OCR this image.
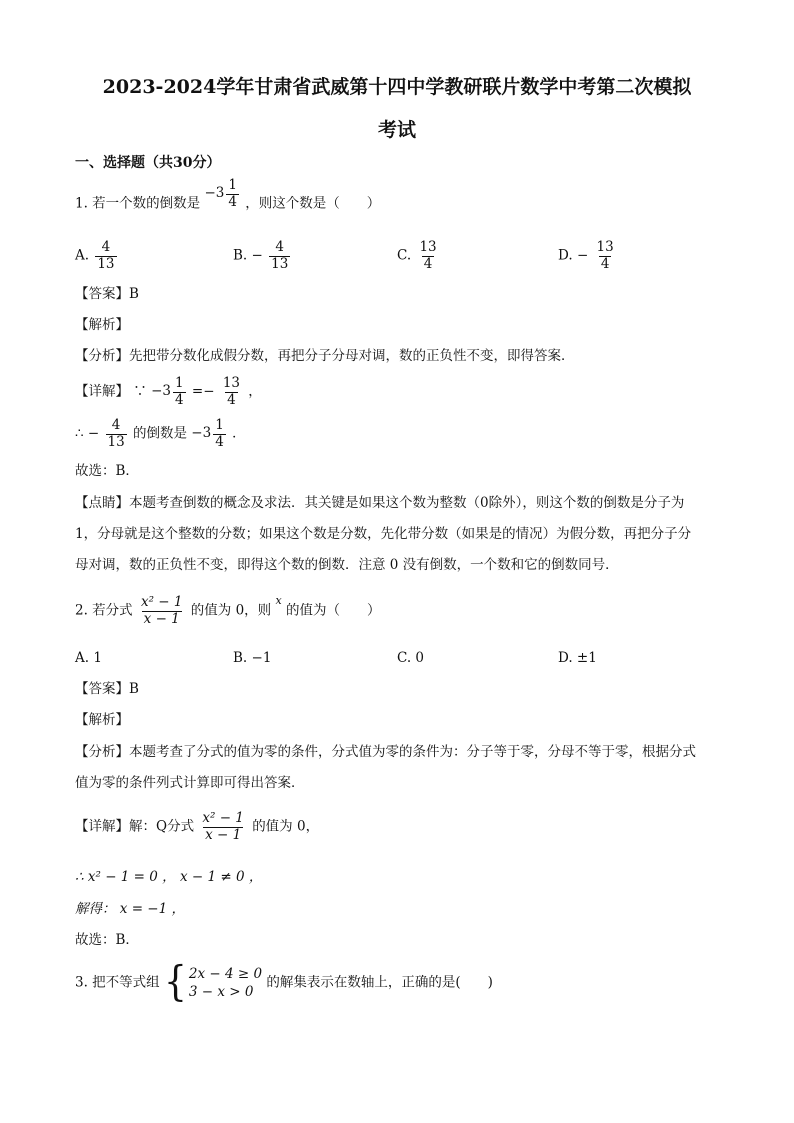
2023-2024学年甘肃省武威第十四中学教研联片数学中考第二次模拟
考试
一、选择题（共30分）
1. 若一个数的倒数是
$-3 \frac{1}{4}$ ，则这个数是（　　）
A. $\frac{4}{13}$	B. − $\frac{4}{13}$	C. $\frac{13}{4}$	D. − $\frac{13}{4}$
【答案】B
【解析】
【分析】先把带分数化成假分数，再把分子分母对调，数的正负性不变，即得答案．
【详解】 ∵ $-3 \frac{1}{4} =- \frac{13}{4}$ ，
∴ − $\frac{4}{13}$ 的倒数是 $-3 \frac{1}{4}$ ．
故选：B．
【点睛】本题考查倒数的概念及求法．其关键是如果这个数为整数（0除外），则这个数的倒数是分子为
1，分母就是这个整数的分数；如果这个数是分数，先化带分数（如果是的情况）为假分数，再把分子分
母对调，数的正负性不变，即得这个数的倒数．注意 0 没有倒数，一个数和它的倒数同号．
2. 若分式 $\frac{\text{x² − 1}}{x - 1}$ 的值为 0，则 $^x$ 的值为（　　）
A. 1	B. −1	C. 0	D. ±1
【答案】B
【解析】
【分析】本题考查了分式的值为零的条件，分式值为零的条件为：分子等于零，分母不等于零，根据分式
值为零的条件列式计算即可得出答案．
【详解】解：Q分式 $\frac{\text{x² − 1}}{x - 1}$ 的值为 0，
∴ x² − 1 = 0 ， x − 1 ≠ 0 ，
解得： x = −1 ，
故选：B．
3. 把不等式组 { 2x − 4 ≥ 0
3 − x > 0
的解集表示在数轴上，正确的是(　　)
